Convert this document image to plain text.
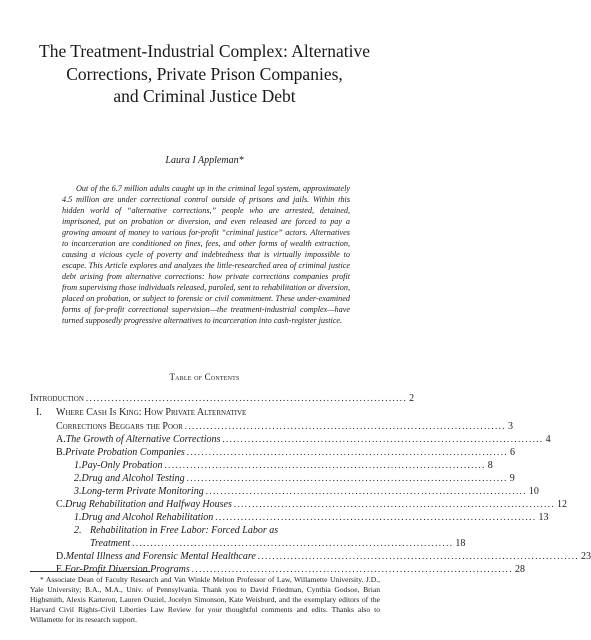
The Treatment-Industrial Complex: Alternative
Corrections, Private Prison Companies,
and Criminal Justice Debt
Laura I Appleman*

Out of the 6.7 million adults caught up in the criminal legal system, approximately 4.5 million are under correctional control outside of prisons and jails. Within this hidden world of “alternative corrections,” people who are arrested, detained, imprisoned, put on probation or diversion, and even released are forced to pay a growing amount of money to various for-profit “criminal justice” actors. Alternatives to incarceration are conditioned on fines, fees, and other forms of wealth extraction, causing a vicious cycle of poverty and indebtedness that is virtually impossible to escape. This Article explores and analyzes the little-researched area of criminal justice debt arising from alternative corrections: how private corrections companies profit from supervising those individuals released, paroled, sent to rehabilitation or diversion, placed on probation, or subject to forensic or civil commitment. These under-examined forms of for-profit correctional supervision—the treatment-industrial complex—have turned supposedly progressive alternatives to incarceration into cash-register justice.

Table of Contents
Introduction ........................................................................................ 2
I.	Where Cash Is King: How Private Alternative
Corrections Beggars the Poor ........................................................................................ 3
A. The Growth of Alternative Corrections ........................................................................................ 4
B. Private Probation Companies ........................................................................................ 6
1. Pay-Only Probation ........................................................................................ 8
2. Drug and Alcohol Testing ........................................................................................ 9
3. Long-term Private Monitoring ........................................................................................ 10
C. Drug Rehabilitation and Halfway Houses ........................................................................................ 12
1. Drug and Alcohol Rehabilitation ........................................................................................ 13
2. Rehabilitation in Free Labor: Forced Labor as
Treatment ........................................................................................ 18
D. Mental Illness and Forensic Mental Healthcare ........................................................................................ 23
E. For-Profit Diversion Programs ........................................................................................ 28

* Associate Dean of Faculty Research and Van Winkle Melton Professor of Law, Willamette University. J.D., Yale University; B.A., M.A., Univ. of Pennsylvania. Thank you to David Friedman, Cynthia Godsoe, Brian Highsmith, Alexis Karteron, Lauren Ouziel, Jocelyn Simonson, Kate Weisburd, and the exemplary editors of the Harvard Civil Rights-Civil Liberties Law Review for your thoughtful comments and edits. Thanks also to Willamette for its research support.
